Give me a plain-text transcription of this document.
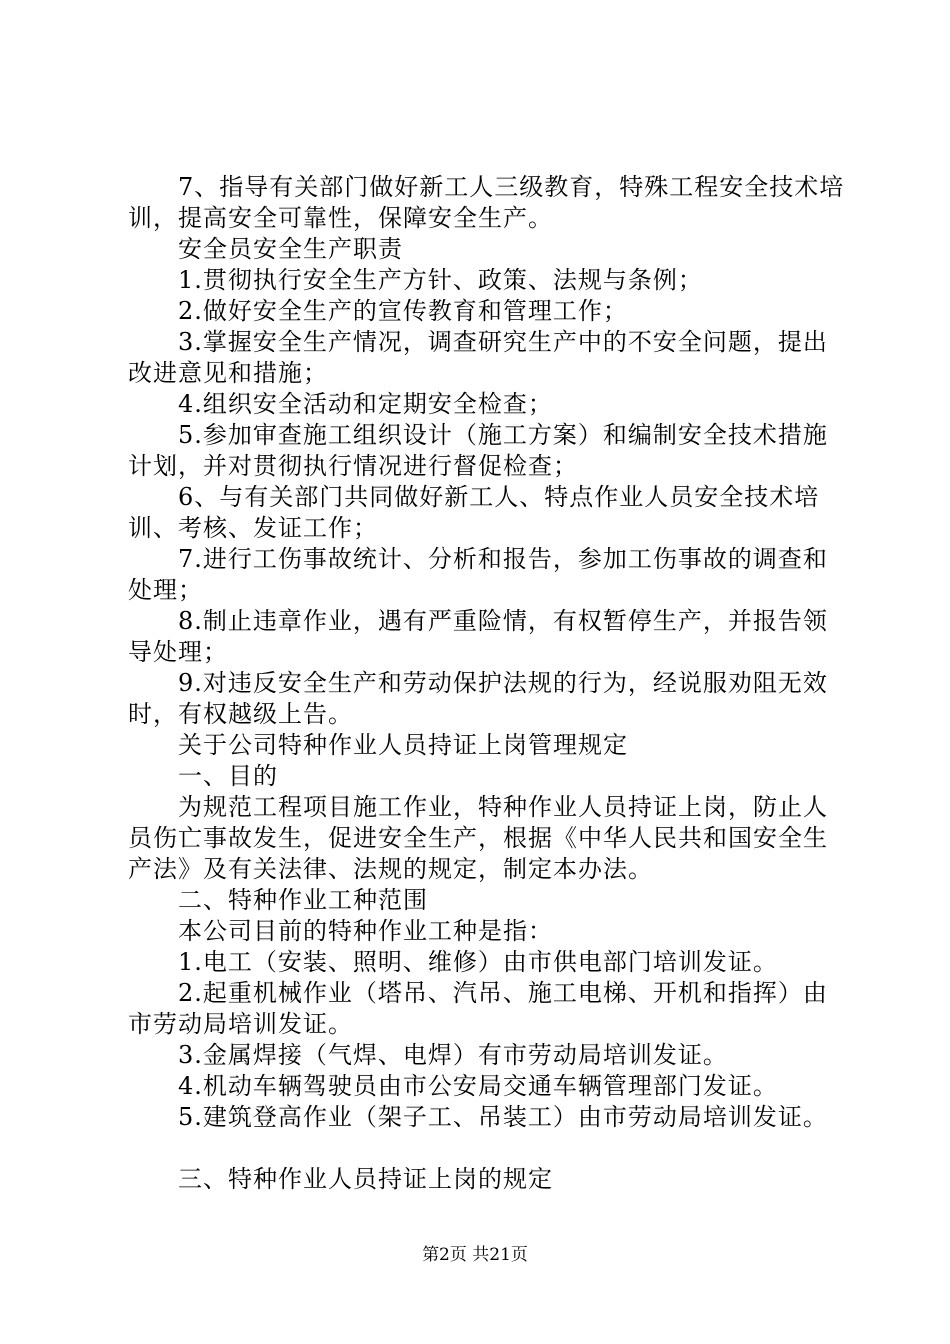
7、指导有关部门做好新工人三级教育，特殊工程安全技术培训，提高安全可靠性，保障安全生产。

安全员安全生产职责

1.贯彻执行安全生产方针、政策、法规与条例；

2.做好安全生产的宣传教育和管理工作；

3.掌握安全生产情况，调查研究生产中的不安全问题，提出改进意见和措施；

4.组织安全活动和定期安全检查；

5.参加审查施工组织设计（施工方案）和编制安全技术措施计划，并对贯彻执行情况进行督促检查；

6、与有关部门共同做好新工人、特点作业人员安全技术培训、考核、发证工作；

7.进行工伤事故统计、分析和报告，参加工伤事故的调查和处理；

8.制止违章作业，遇有严重险情，有权暂停生产，并报告领导处理；

9.对违反安全生产和劳动保护法规的行为，经说服劝阻无效时，有权越级上告。

关于公司特种作业人员持证上岗管理规定

一、目的

为规范工程项目施工作业，特种作业人员持证上岗，防止人员伤亡事故发生，促进安全生产，根据《中华人民共和国安全生产法》及有关法律、法规的规定，制定本办法。

二、特种作业工种范围

本公司目前的特种作业工种是指：

1.电工（安装、照明、维修）由市供电部门培训发证。

2.起重机械作业（塔吊、汽吊、施工电梯、开机和指挥）由市劳动局培训发证。

3.金属焊接（气焊、电焊）有市劳动局培训发证。

4.机动车辆驾驶员由市公安局交通车辆管理部门发证。

5.建筑登高作业（架子工、吊装工）由市劳动局培训发证。

三、特种作业人员持证上岗的规定

第2页 共21页
